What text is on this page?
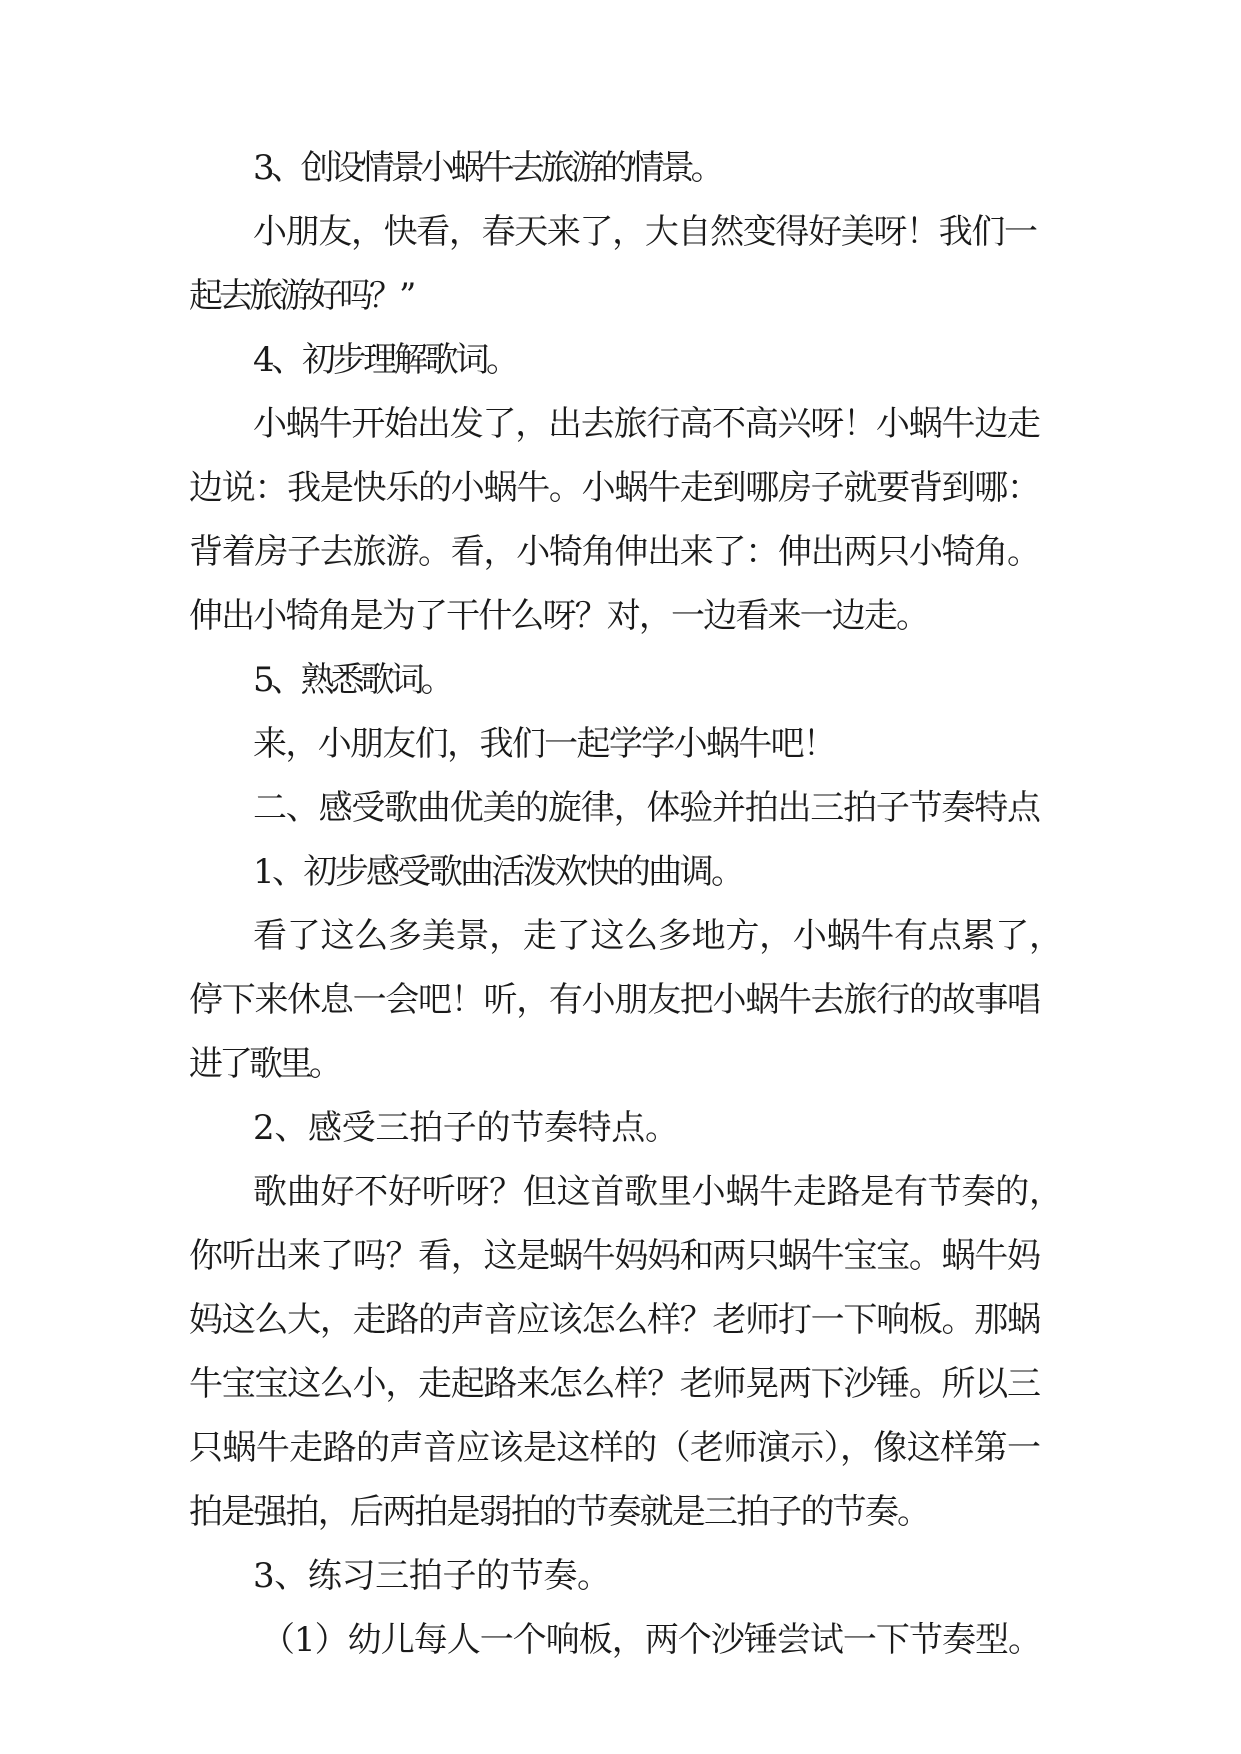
3、创设情景小蜗牛去旅游的情景。
小朋友，快看，春天来了，大自然变得好美呀！我们一
起去旅游好吗？”
4、初步理解歌词。
小蜗牛开始出发了，出去旅行高不高兴呀！小蜗牛边走
边说：我是快乐的小蜗牛。小蜗牛走到哪房子就要背到哪：
背着房子去旅游。看，小犄角伸出来了：伸出两只小犄角。
伸出小犄角是为了干什么呀？对，一边看来一边走。
5、熟悉歌词。
来，小朋友们，我们一起学学小蜗牛吧！
二、感受歌曲优美的旋律，体验并拍出三拍子节奏特点
1、初步感受歌曲活泼欢快的曲调。
看了这么多美景，走了这么多地方，小蜗牛有点累了，
停下来休息一会吧！听，有小朋友把小蜗牛去旅行的故事唱
进了歌里。
2、感受三拍子的节奏特点。
歌曲好不好听呀？但这首歌里小蜗牛走路是有节奏的，
你听出来了吗？看，这是蜗牛妈妈和两只蜗牛宝宝。蜗牛妈
妈这么大，走路的声音应该怎么样？老师打一下响板。那蜗
牛宝宝这么小，走起路来怎么样？老师晃两下沙锤。所以三
只蜗牛走路的声音应该是这样的（老师演示），像这样第一
拍是强拍，后两拍是弱拍的节奏就是三拍子的节奏。
3、练习三拍子的节奏。
（1）幼儿每人一个响板，两个沙锤尝试一下节奏型。
